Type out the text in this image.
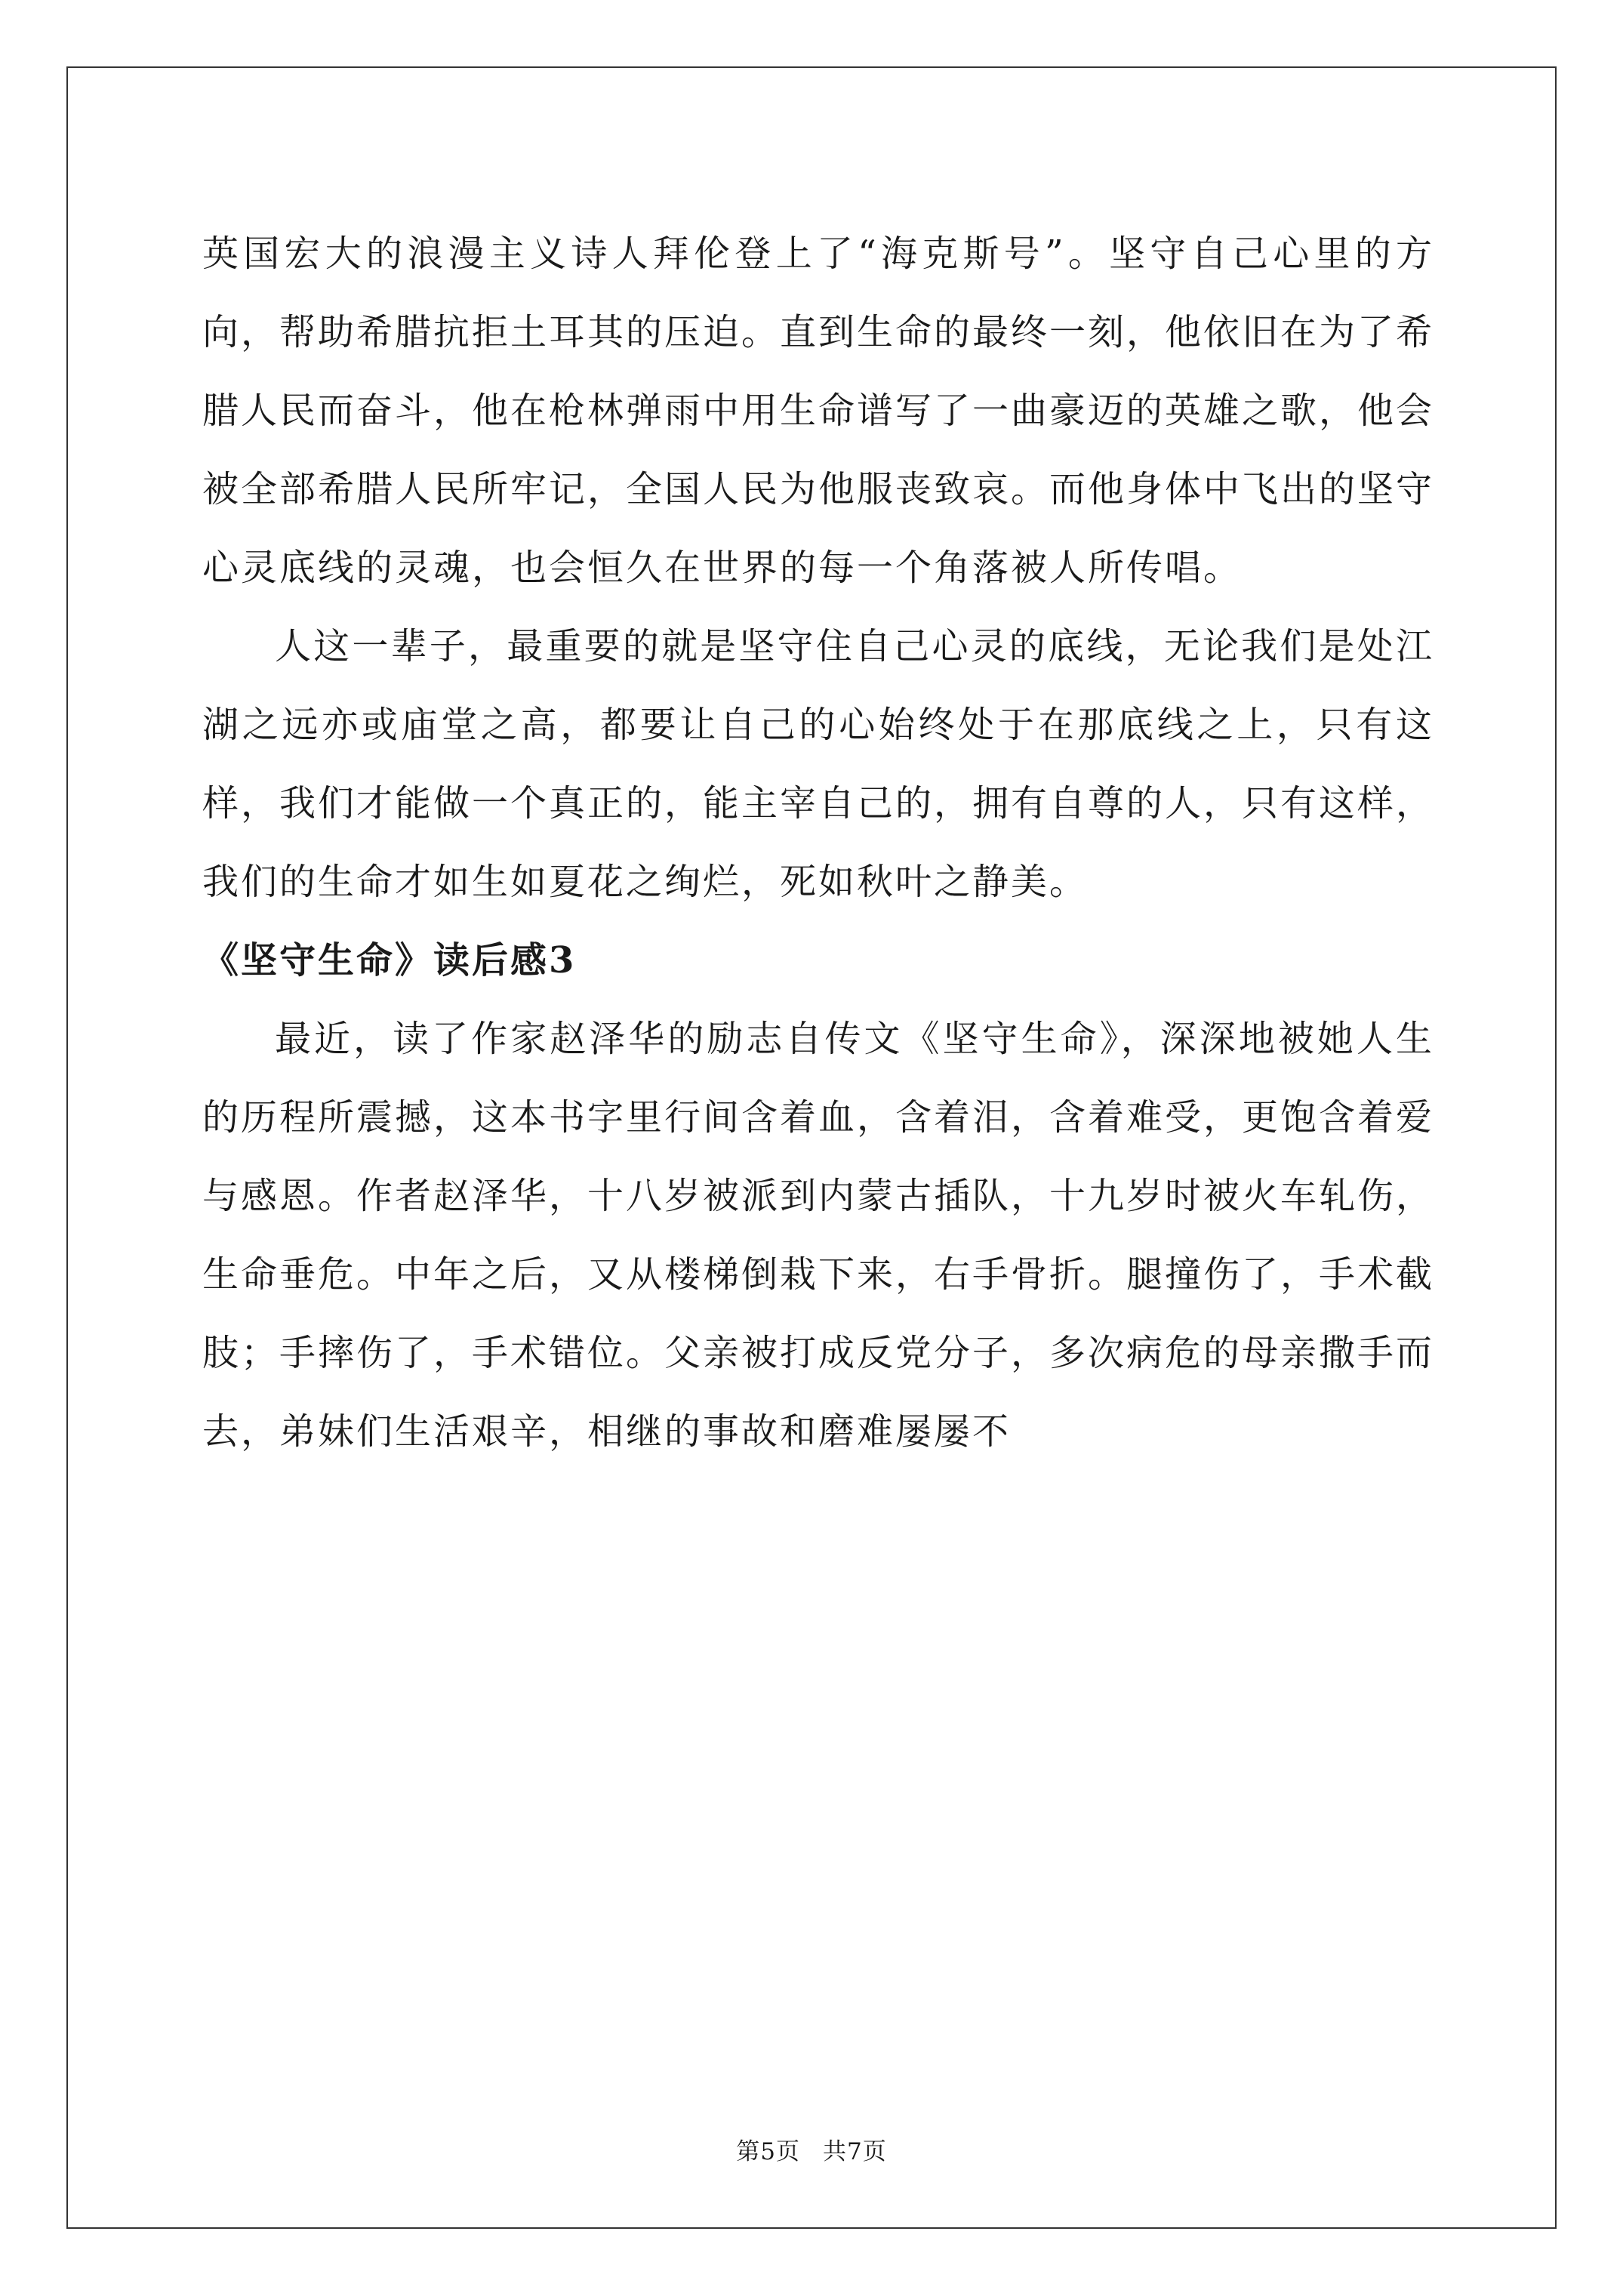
英国宏大的浪漫主义诗人拜伦登上了“海克斯号”。坚守自己心里的方向，帮助希腊抗拒土耳其的压迫。直到生命的最终一刻，他依旧在为了希腊人民而奋斗，他在枪林弹雨中用生命谱写了一曲豪迈的英雄之歌，他会被全部希腊人民所牢记，全国人民为他服丧致哀。而他身体中飞出的坚守心灵底线的灵魂，也会恒久在世界的每一个角落被人所传唱。

人这一辈子，最重要的就是坚守住自己心灵的底线，无论我们是处江湖之远亦或庙堂之高，都要让自己的心始终处于在那底线之上，只有这样，我们才能做一个真正的，能主宰自己的，拥有自尊的人，只有这样，我们的生命才如生如夏花之绚烂，死如秋叶之静美。

《坚守生命》读后感3

最近，读了作家赵泽华的励志自传文《坚守生命》，深深地被她人生的历程所震撼，这本书字里行间含着血，含着泪，含着难受，更饱含着爱与感恩。作者赵泽华，十八岁被派到内蒙古插队，十九岁时被火车轧伤，生命垂危。中年之后，又从楼梯倒栽下来，右手骨折。腿撞伤了，手术截肢；手摔伤了，手术错位。父亲被打成反党分子，多次病危的母亲撒手而去，弟妹们生活艰辛，相继的事故和磨难屡屡不

第5页 共7页
